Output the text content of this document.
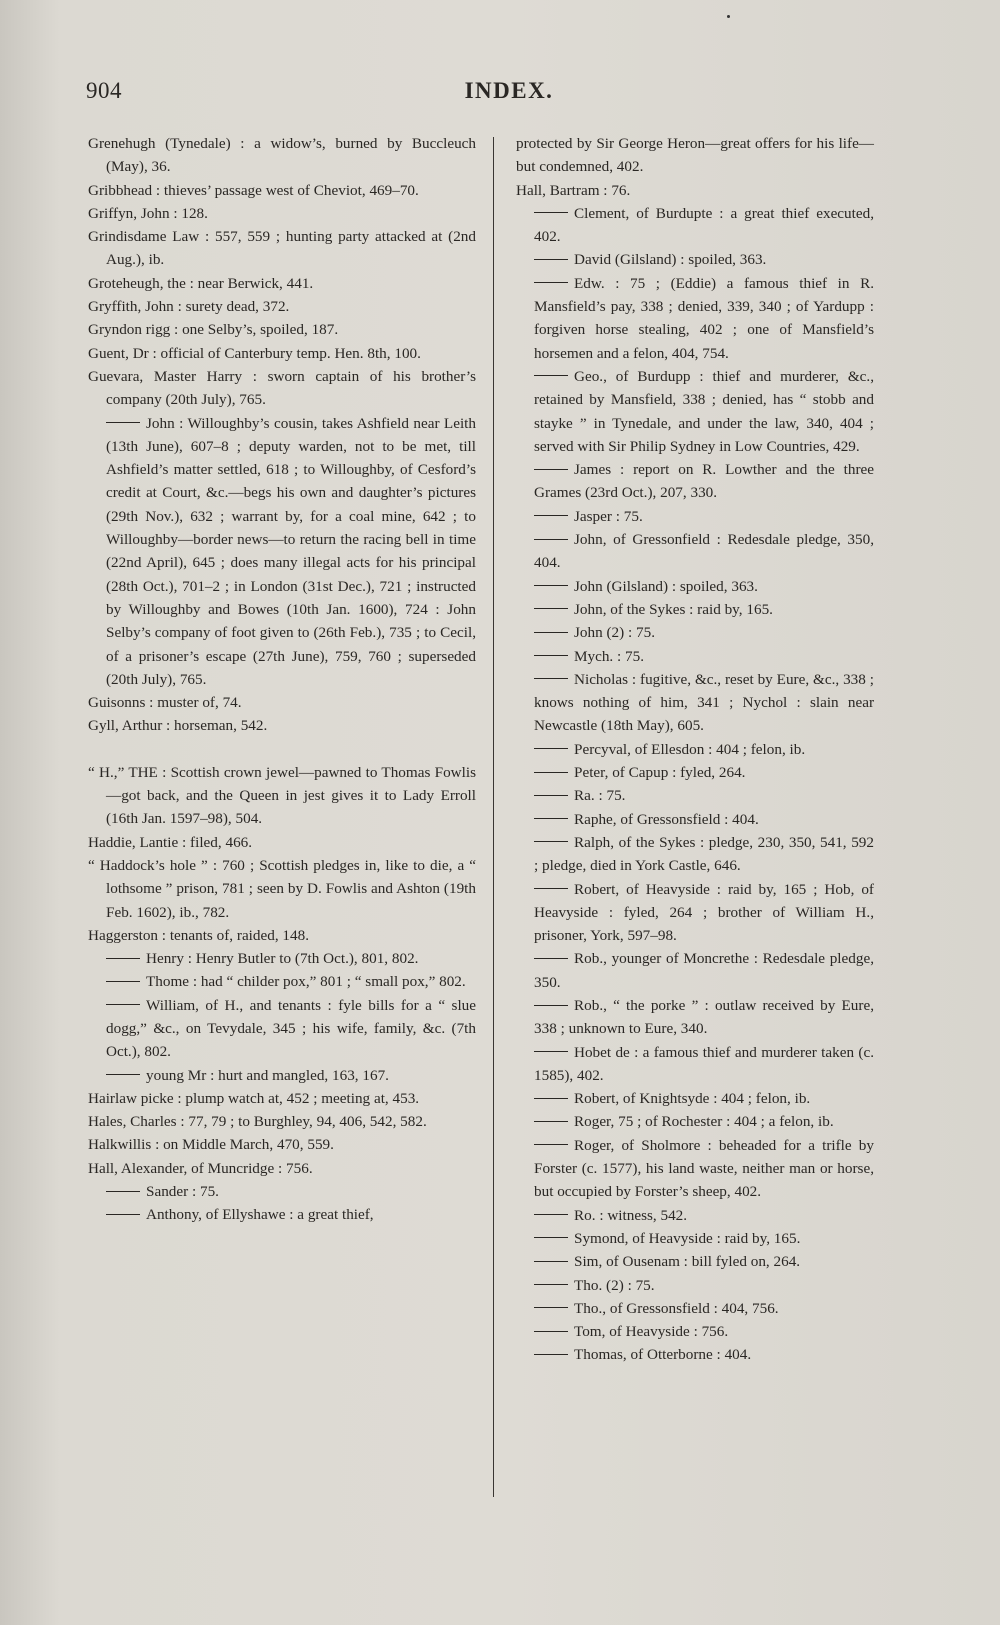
904	INDEX.

Grenehugh (Tynedale) : a widow’s, burned by Buccleuch (May), 36.

Gribbhead : thieves’ passage west of Cheviot, 469–70.

Griffyn, John : 128.

Grindisdame Law : 557, 559 ; hunting party attacked at (2nd Aug.), ib.

Groteheugh, the : near Berwick, 441.

Gryffith, John : surety dead, 372.

Gryndon rigg : one Selby’s, spoiled, 187.

Guent, Dr : official of Canterbury temp. Hen. 8th, 100.

Guevara, Master Harry : sworn captain of his brother’s company (20th July), 765.

John : Willoughby’s cousin, takes Ashfield near Leith (13th June), 607–8 ; deputy warden, not to be met, till Ashfield’s matter settled, 618 ; to Willoughby, of Cesford’s credit at Court, &c.—begs his own and daughter’s pictures (29th Nov.), 632 ; warrant by, for a coal mine, 642 ; to Willoughby—border news—to return the racing bell in time (22nd April), 645 ; does many illegal acts for his principal (28th Oct.), 701–2 ; in London (31st Dec.), 721 ; instructed by Willoughby and Bowes (10th Jan. 1600), 724 : John Selby’s company of foot given to (26th Feb.), 735 ; to Cecil, of a prisoner’s escape (27th June), 759, 760 ; superseded (20th July), 765.

Guisonns : muster of, 74.

Gyll, Arthur : horseman, 542.

“ H.,” THE : Scottish crown jewel—pawned to Thomas Fowlis—got back, and the Queen in jest gives it to Lady Erroll (16th Jan. 1597–98), 504.

Haddie, Lantie : filed, 466.

“ Haddock’s hole ” : 760 ; Scottish pledges in, like to die, a “ lothsome ” prison, 781 ; seen by D. Fowlis and Ashton (19th Feb. 1602), ib., 782.

Haggerston : tenants of, raided, 148.

Henry : Henry Butler to (7th Oct.), 801, 802.

Thome : had “ childer pox,” 801 ; “ small pox,” 802.

William, of H., and tenants : fyle bills for a “ slue dogg,” &c., on Tevydale, 345 ; his wife, family, &c. (7th Oct.), 802.

young Mr : hurt and mangled, 163, 167.

Hairlaw picke : plump watch at, 452 ; meeting at, 453.

Hales, Charles : 77, 79 ; to Burghley, 94, 406, 542, 582.

Halkwillis : on Middle March, 470, 559.

Hall, Alexander, of Muncridge : 756.

Sander : 75.

Anthony, of Ellyshawe : a great thief,

protected by Sir George Heron—great offers for his life—but condemned, 402.

Hall, Bartram : 76.

Clement, of Burdupte : a great thief executed, 402.

David (Gilsland) : spoiled, 363.

Edw. : 75 ; (Eddie) a famous thief in R. Mansfield’s pay, 338 ; denied, 339, 340 ; of Yardupp : forgiven horse stealing, 402 ; one of Mansfield’s horsemen and a felon, 404, 754.

Geo., of Burdupp : thief and murderer, &c., retained by Mansfield, 338 ; denied, has “ stobb and stayke ” in Tynedale, and under the law, 340, 404 ; served with Sir Philip Sydney in Low Countries, 429.

James : report on R. Lowther and the three Grames (23rd Oct.), 207, 330.

Jasper : 75.

John, of Gressonfield : Redesdale pledge, 350, 404.

John (Gilsland) : spoiled, 363.

John, of the Sykes : raid by, 165.

John (2) : 75.

Mych. : 75.

Nicholas : fugitive, &c., reset by Eure, &c., 338 ; knows nothing of him, 341 ; Nychol : slain near Newcastle (18th May), 605.

Percyval, of Ellesdon : 404 ; felon, ib.

Peter, of Capup : fyled, 264.

Ra. : 75.

Raphe, of Gressonsfield : 404.

Ralph, of the Sykes : pledge, 230, 350, 541, 592 ; pledge, died in York Castle, 646.

Robert, of Heavyside : raid by, 165 ; Hob, of Heavyside : fyled, 264 ; brother of William H., prisoner, York, 597–98.

Rob., younger of Moncrethe : Redesdale pledge, 350.

Rob., “ the porke ” : outlaw received by Eure, 338 ; unknown to Eure, 340.

Hobet de : a famous thief and murderer taken (c. 1585), 402.

Robert, of Knightsyde : 404 ; felon, ib.

Roger, 75 ; of Rochester : 404 ; a felon, ib.

Roger, of Sholmore : beheaded for a trifle by Forster (c. 1577), his land waste, neither man or horse, but occupied by Forster’s sheep, 402.

Ro. : witness, 542.

Symond, of Heavyside : raid by, 165.

Sim, of Ousenam : bill fyled on, 264.

Tho. (2) : 75.

Tho., of Gressonsfield : 404, 756.

Tom, of Heavyside : 756.

Thomas, of Otterborne : 404.
